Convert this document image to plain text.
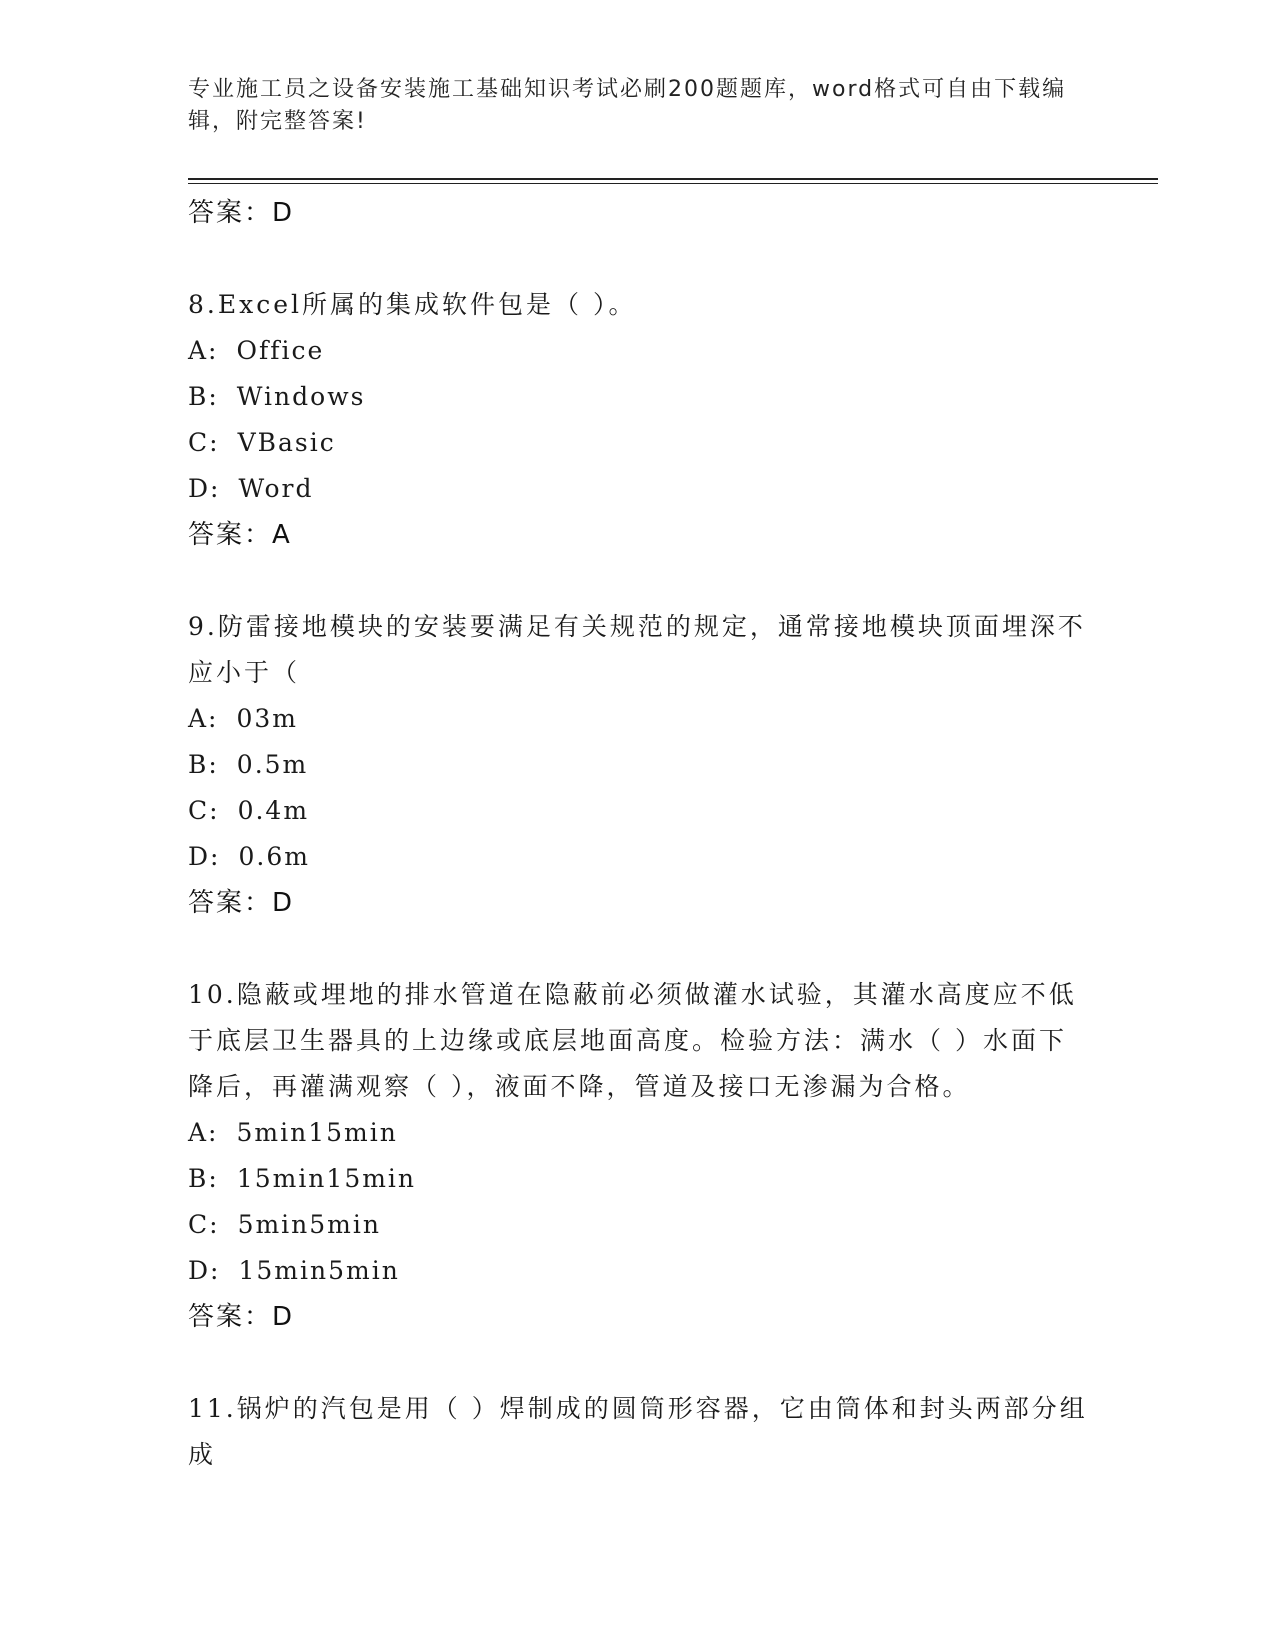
专业施工员之设备安装施工基础知识考试必刷200题题库，word格式可自由下载编辑，附完整答案!
答案：D
8.Excel所属的集成软件包是（ ）。
A: Office
B: Windows
C: VBasic
D: Word
答案：A
9.防雷接地模块的安装要满足有关规范的规定，通常接地模块顶面埋深不应小于（
A: 03m
B: 0.5m
C: 0.4m
D: 0.6m
答案：D
10.隐蔽或埋地的排水管道在隐蔽前必须做灌水试验，其灌水高度应不低于底层卫生器具的上边缘或底层地面高度。检验方法：满水（ ）水面下降后，再灌满观察（ ），液面不降，管道及接口无渗漏为合格。
A: 5min15min
B: 15min15min
C: 5min5min
D: 15min5min
答案：D
11.锅炉的汽包是用（ ）焊制成的圆筒形容器，它由筒体和封头两部分组成
